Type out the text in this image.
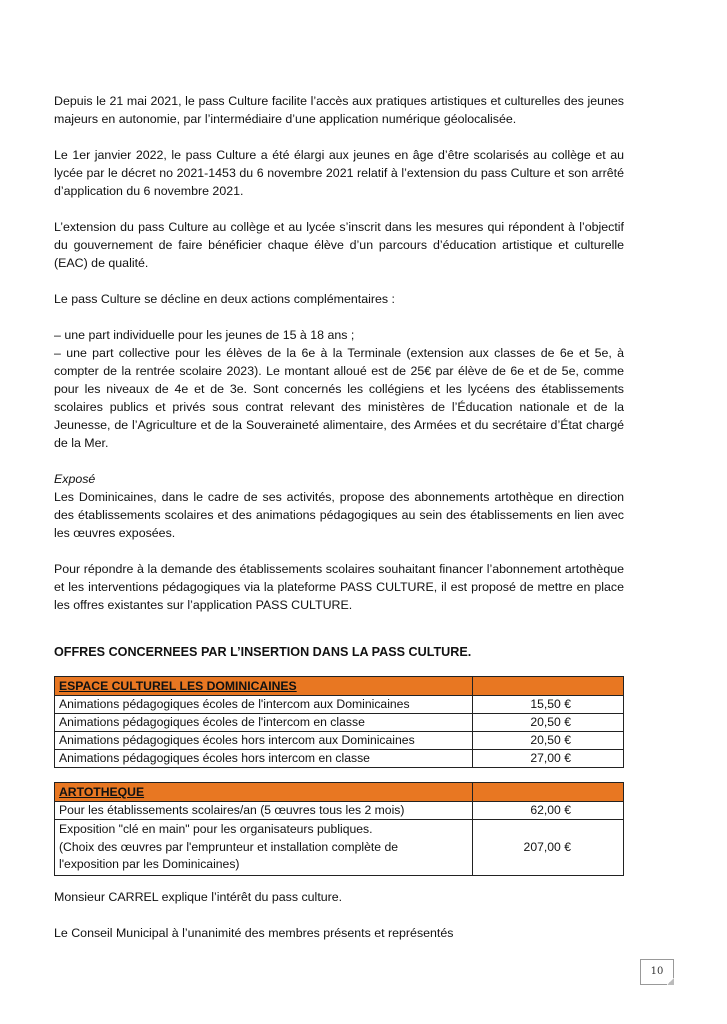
Depuis le 21 mai 2021, le pass Culture facilite l’accès aux pratiques artistiques et culturelles des jeunes majeurs en autonomie, par l’intermédiaire d’une application numérique géolocalisée.

Le 1er janvier 2022, le pass Culture a été élargi aux jeunes en âge d’être scolarisés au collège et au lycée par le décret no 2021-1453 du 6 novembre 2021 relatif à l’extension du pass Culture et son arrêté d’application du 6 novembre 2021.

L’extension du pass Culture au collège et au lycée s’inscrit dans les mesures qui répondent à l’objectif du gouvernement de faire bénéficier chaque élève d’un parcours d’éducation artistique et culturelle (EAC) de qualité.

Le pass Culture se décline en deux actions complémentaires :

– une part individuelle pour les jeunes de 15 à 18 ans ;

– une part collective pour les élèves de la 6e à la Terminale (extension aux classes de 6e et 5e, à compter de la rentrée scolaire 2023). Le montant alloué est de 25€ par élève de 6e et de 5e, comme pour les niveaux de 4e et de 3e. Sont concernés les collégiens et les lycéens des établissements scolaires publics et privés sous contrat relevant des ministères de l’Éducation nationale et de la Jeunesse, de l’Agriculture et de la Souveraineté alimentaire, des Armées et du secrétaire d’État chargé de la Mer.

Exposé

Les Dominicaines, dans le cadre de ses activités, propose des abonnements artothèque en direction des établissements scolaires et des animations pédagogiques au sein des établissements en lien avec les œuvres exposées.

Pour répondre à la demande des établissements scolaires souhaitant financer l’abonnement artothèque et les interventions pédagogiques via la plateforme PASS CULTURE, il est proposé de mettre en place les offres existantes sur l’application PASS CULTURE.

OFFRES CONCERNEES PAR L’INSERTION DANS LA PASS CULTURE.

ESPACE CULTUREL LES DOMINICAINES	
Animations pédagogiques écoles de l'intercom aux Dominicaines	15,50 €
Animations pédagogiques écoles de l'intercom en classe	20,50 €
Animations pédagogiques écoles hors intercom aux Dominicaines	20,50 €
Animations pédagogiques écoles hors intercom en classe	27,00 €
ARTOTHEQUE	
Pour les établissements scolaires/an (5 œuvres tous les 2 mois)	62,00 €

Exposition "clé en main" pour les organisateurs publiques.
(Choix des œuvres par l'emprunteur et installation complète de
l'exposition par les Dominicaines)	207,00 €

Monsieur CARREL explique l’intérêt du pass culture.

Le Conseil Municipal à l’unanimité des membres présents et représentés

10
